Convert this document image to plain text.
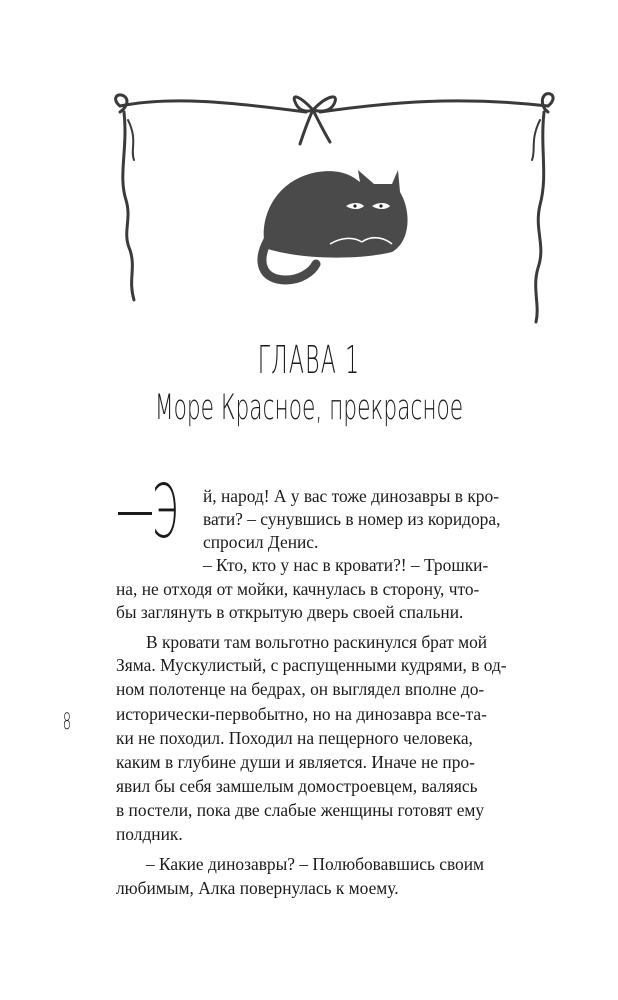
ГЛАВА 1
Море Красное, прекрасное
Э
8
й, народ! А у вас тоже динозавры в кро-
вати? – сунувшись в номер из коридора,
спросил Денис.
– Кто, кто у нас в кровати?! – Трошки-
на, не отходя от мойки, качнулась в сторону, что-
бы заглянуть в открытую дверь своей спальни.
В кровати там вольготно раскинулся брат мой
Зяма. Мускулистый, с распущенными кудрями, в од-
ном полотенце на бедрах, он выглядел вполне до-
исторически-первобытно, но на динозавра все-та-
ки не походил. Походил на пещерного человека,
каким в глубине души и является. Иначе не про-
явил бы себя замшелым домостроевцем, валяясь
в постели, пока две слабые женщины готовят ему
полдник.
– Какие динозавры? – Полюбовавшись своим
любимым, Алка повернулась к моему.
